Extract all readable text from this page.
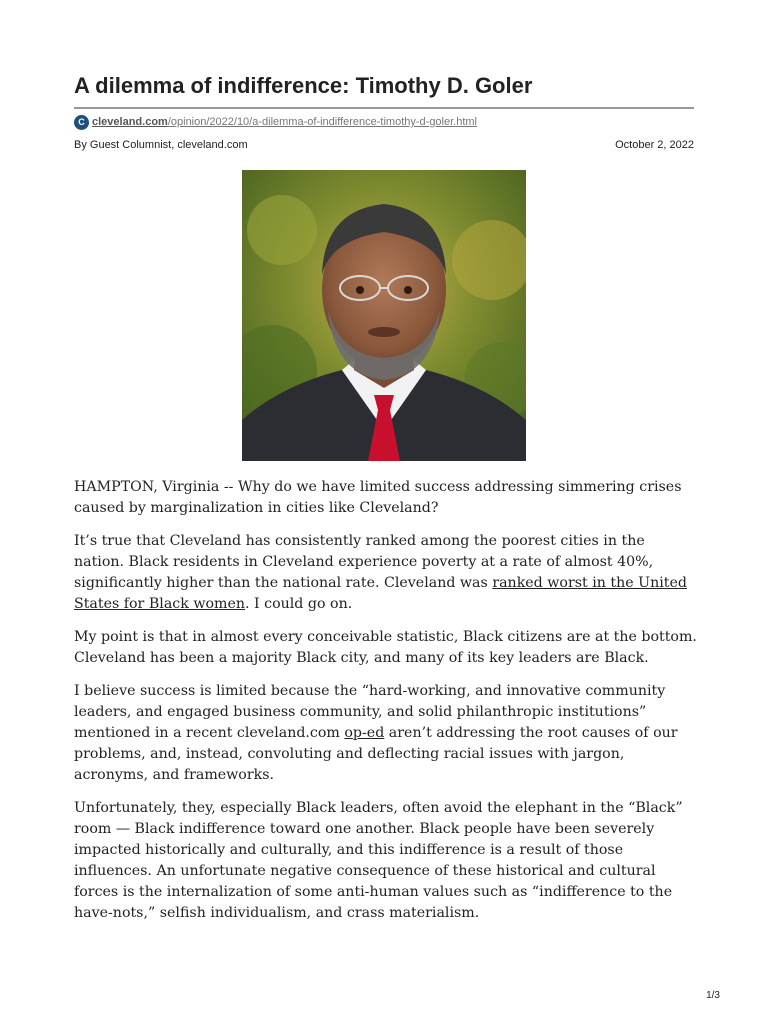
A dilemma of indifference: Timothy D. Goler
C cleveland.com /opinion/2022/10/a-dilemma-of-indifference-timothy-d-goler.html
By Guest Columnist, cleveland.com	October 2, 2022

HAMPTON, Virginia -- Why do we have limited success addressing simmering crises caused by marginalization in cities like Cleveland?

It’s true that Cleveland has consistently ranked among the poorest cities in the nation. Black residents in Cleveland experience poverty at a rate of almost 40%, significantly higher than the national rate. Cleveland was ranked worst in the United States for Black women. I could go on.

My point is that in almost every conceivable statistic, Black citizens are at the bottom. Cleveland has been a majority Black city, and many of its key leaders are Black.

I believe success is limited because the “hard-working, and innovative community leaders, and engaged business community, and solid philanthropic institutions” mentioned in a recent cleveland.com op-ed aren’t addressing the root causes of our problems, and, instead, convoluting and deflecting racial issues with jargon, acronyms, and frameworks.

Unfortunately, they, especially Black leaders, often avoid the elephant in the “Black” room — Black indifference toward one another. Black people have been severely impacted historically and culturally, and this indifference is a result of those influences. An unfortunate negative consequence of these historical and cultural forces is the internalization of some anti-human values such as “indifference to the have-nots,” selfish individualism, and crass materialism.

1/3
